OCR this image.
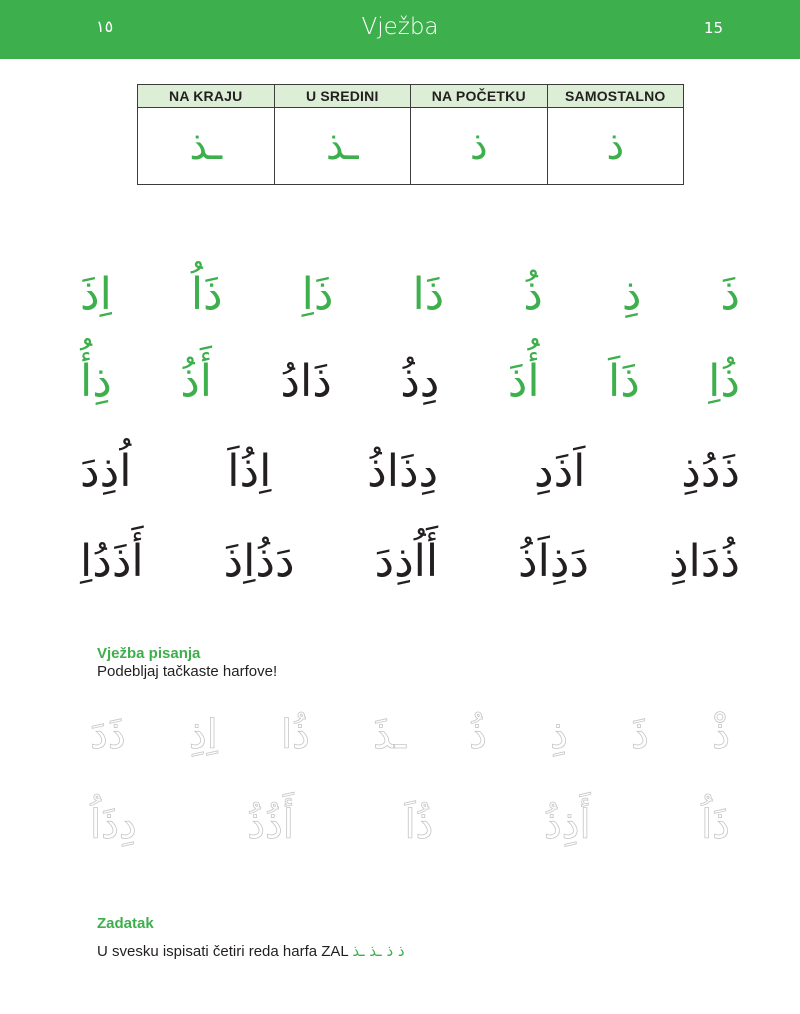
١٥	Vježba	15
NA KRAJU	U SREDINI	NA POČETKU	SAMOSTALNO
ـذ	ـذ	ذ	ذ
ذَ
ذِ
ذُ
ذَا
ذَاِ
ذَاُ
اِذَ
ذُاِ
ذَاَ
أُذَ
دِذُ
ذَادُ
أَذُ
ذِأُ
ذَدُذِ
اَذَدِ
دِذَاذُ
اِذُاَ
اُذِدَ
ذُدَاذِ
دَذِاَذُ
أَاُذِدَ
دَذُاِذَ
أَذَدُاِ
Vježba pisanja
Podebljaj tačkaste harfove!
ذْ
ذَ
ذِ
ذُ
ـذَ
ذُا
اِذِ
ذَدَ
ذَاُ
أَذِذُ
ذُاَ
أَذُذُ
دِذَاُ
Zadatak
U svesku ispisati četiri reda harfa ZAL ذ ذ ـذ ـذ
